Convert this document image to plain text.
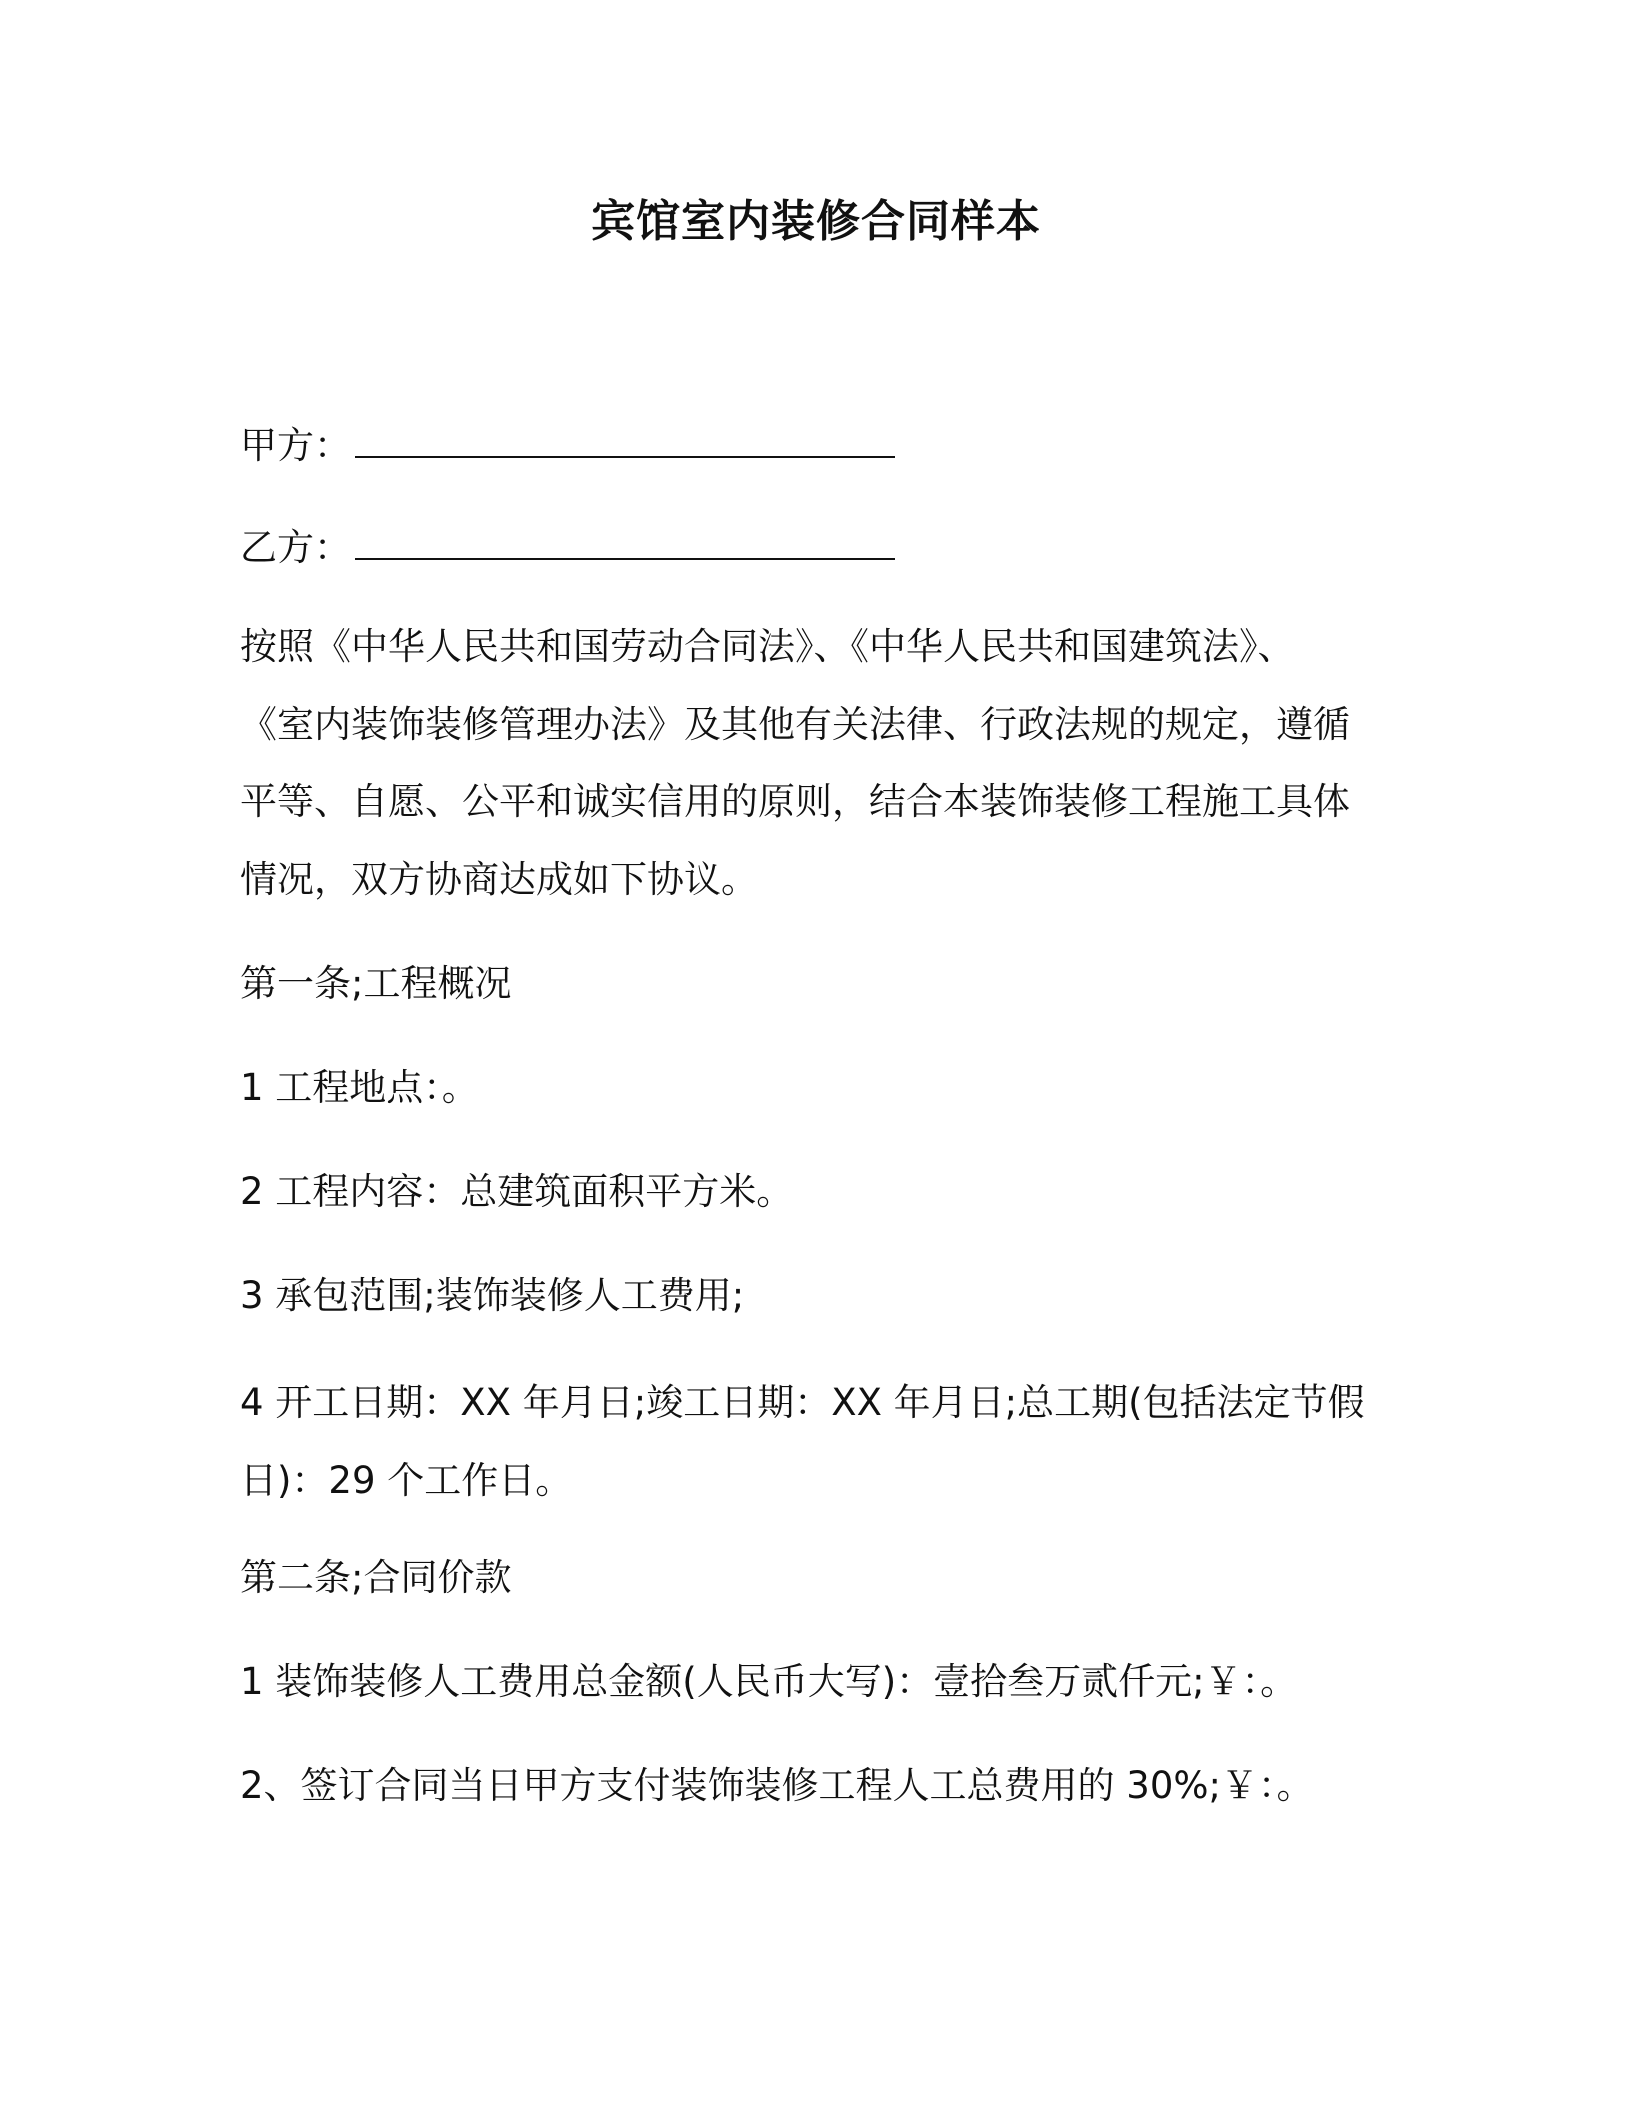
宾馆室内装修合同样本
甲方：
乙方：
按照《中华人民共和国劳动合同法》、《中华人民共和国建筑法》、
《室内装饰装修管理办法》及其他有关法律、行政法规的规定，遵循
平等、自愿、公平和诚实信用的原则，结合本装饰装修工程施工具体
情况，双方协商达成如下协议。
第一条;工程概况
1 工程地点：。
2 工程内容：总建筑面积平方米。
3 承包范围;装饰装修人工费用;
4 开工日期：XX 年月日;竣工日期：XX 年月日;总工期(包括法定节假
日)：29 个工作日。
第二条;合同价款
1 装饰装修人工费用总金额(人民币大写)：壹拾叁万贰仟元;￥：。
2、签订合同当日甲方支付装饰装修工程人工总费用的 30%;￥：。
